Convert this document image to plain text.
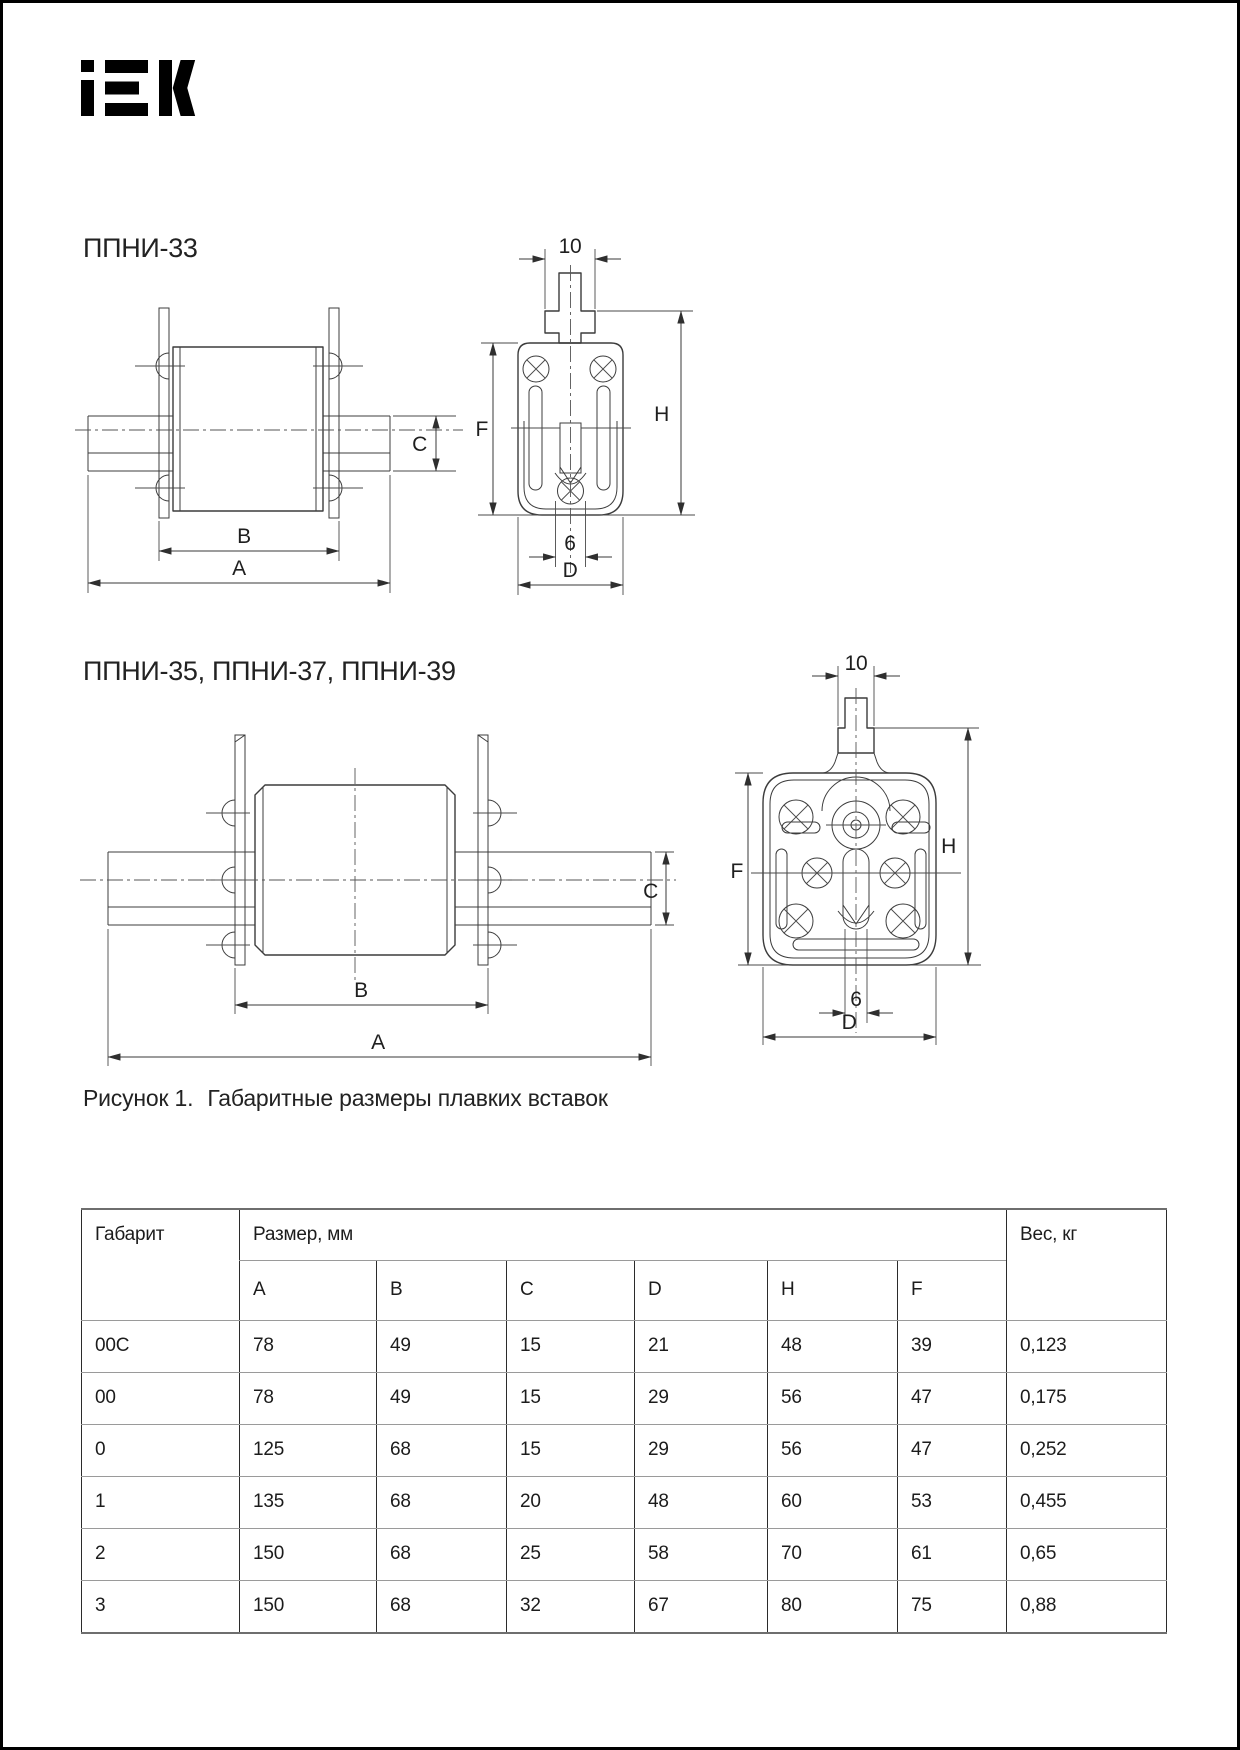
ППНИ-33
C
B
A
10
H
F
6
D
ППНИ-35, ППНИ-37, ППНИ-39
C
B
A
10
H
F
6
D
Рисунок 1. Габаритные размеры плавких вставок
Габарит	Размер, мм	Вес, кг
A	B	C	D	H	F
00C	78	49	15	21	48	39	0,123
00	78	49	15	29	56	47	0,175
0	125	68	15	29	56	47	0,252
1	135	68	20	48	60	53	0,455
2	150	68	25	58	70	61	0,65
3	150	68	32	67	80	75	0,88
